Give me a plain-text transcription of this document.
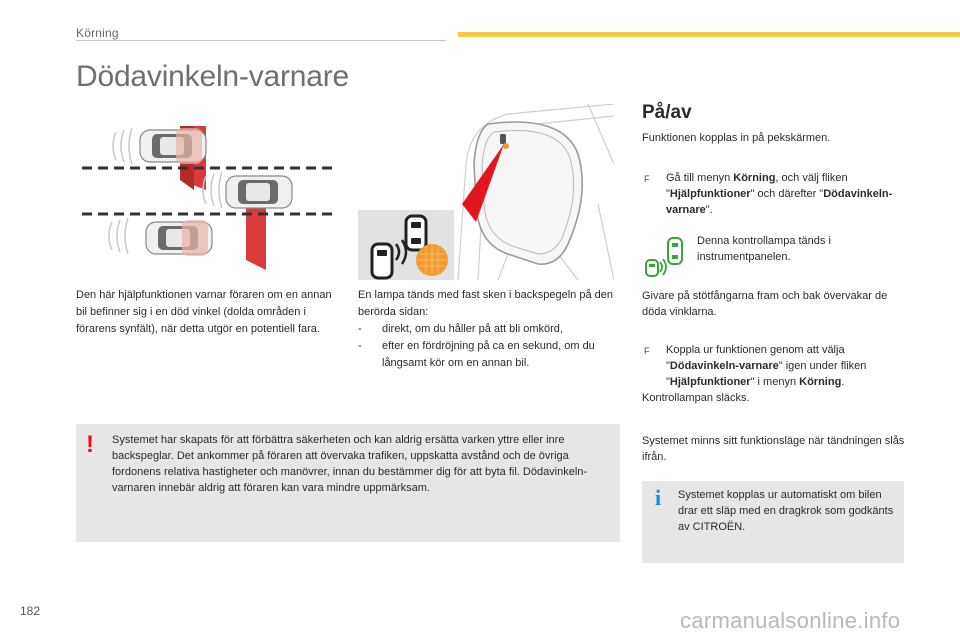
Körning
Dödavinkeln-varnare

Den här hjälpfunktionen varnar föraren om en annan bil befinner sig i en död vinkel (dolda områden i förarens synfält), när detta utgör en potentiell fara.

En lampa tänds med fast sken i backspegeln på den berörda sidan:

- direkt, om du håller på att bli omkörd,
- efter en fördröjning på ca en sekund, om du långsamt kör om en annan bil.
! Systemet har skapats för att förbättra säkerheten och kan aldrig ersätta varken yttre eller inre backspeglar. Det ankommer på föraren att övervaka trafiken, uppskatta avstånd och de övriga fordonens relativa hastigheter och manövrer, innan du bestämmer dig för att byta fil. Dödavinkeln-varnaren innebär aldrig att föraren kan vara mindre uppmärksam.

På/av

Funktionen kopplas in på pekskärmen.

F Gå till menyn Körning, och välj fliken "Hjälpfunktioner" och därefter "Dödavinkeln-varnare".

Denna kontrollampa tänds i instrumentpanelen.

Givare på stötfångarna fram och bak övervakar de döda vinklarna.

F Koppla ur funktionen genom att välja "Dödavinkeln-varnare" igen under fliken "Hjälpfunktioner" i menyn Körning.

Kontrollampan släcks.

Systemet minns sitt funktionsläge när tändningen slås ifrån.

i Systemet kopplas ur automatiskt om bilen drar ett släp med en dragkrok som godkänts av CITROËN.

182	carmanualsonline.info
